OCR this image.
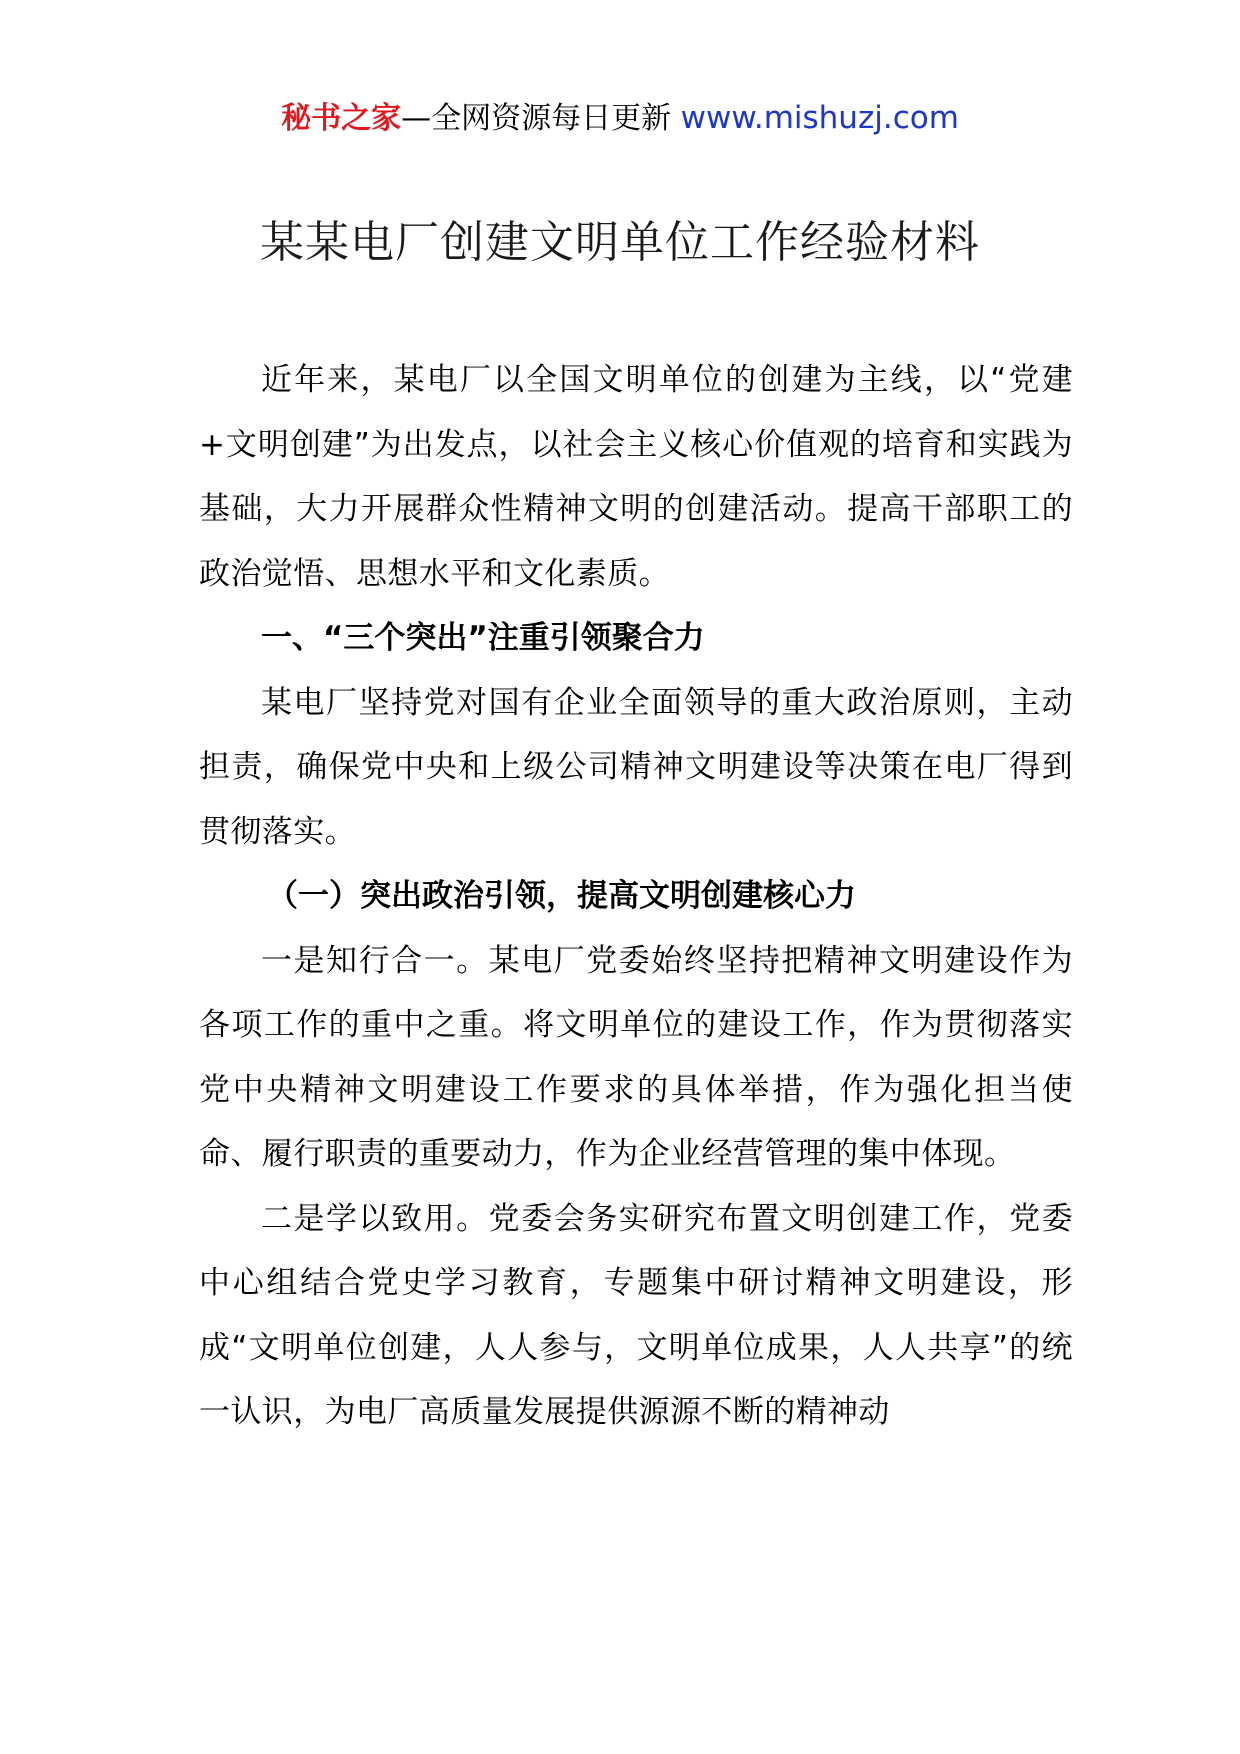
秘书之家—全网资源每日更新 www.mishuzj.com
某某电厂创建文明单位工作经验材料

近年来，某电厂以全国文明单位的创建为主线，以“党建+文明创建”为出发点，以社会主义核心价值观的培育和实践为基础，大力开展群众性精神文明的创建活动。提高干部职工的政治觉悟、思想水平和文化素质。

一、“三个突出”注重引领聚合力

某电厂坚持党对国有企业全面领导的重大政治原则，主动担责，确保党中央和上级公司精神文明建设等决策在电厂得到贯彻落实。

（一）突出政治引领，提高文明创建核心力

一是知行合一。某电厂党委始终坚持把精神文明建设作为各项工作的重中之重。将文明单位的建设工作，作为贯彻落实党中央精神文明建设工作要求的具体举措，作为强化担当使命、履行职责的重要动力，作为企业经营管理的集中体现。

二是学以致用。党委会务实研究布置文明创建工作，党委中心组结合党史学习教育，专题集中研讨精神文明建设，形成“文明单位创建，人人参与，文明单位成果，人人共享”的统一认识，为电厂高质量发展提供源源不断的精神动
